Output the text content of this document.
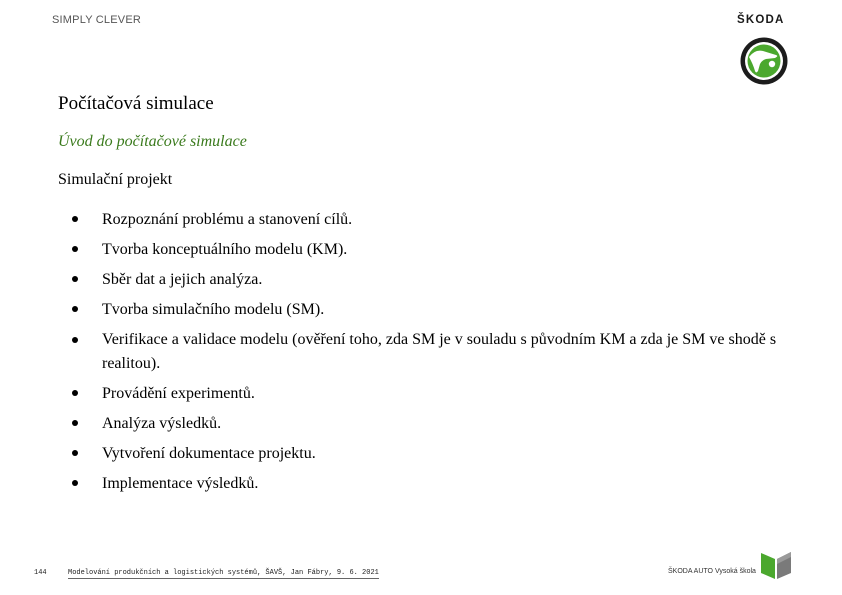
SIMPLY CLEVER	ŠKODA
Počítačová simulace
Úvod do počítačové simulace
Simulační projekt
Rozpoznání problému a stanovení cílů.
Tvorba konceptuálního modelu (KM).
Sběr dat a jejich analýza.
Tvorba simulačního modelu (SM).
Verifikace a validace modelu (ověření toho, zda SM je v souladu s původním KM a zda je SM ve shodě s realitou).
Provádění experimentů.
Analýza výsledků.
Vytvoření dokumentace projektu.
Implementace výsledků.
144	Modelování produkčních a logistických systémů, ŠAVŠ, Jan Fábry, 9. 6. 2021	ŠKODA AUTO Vysoká škola
